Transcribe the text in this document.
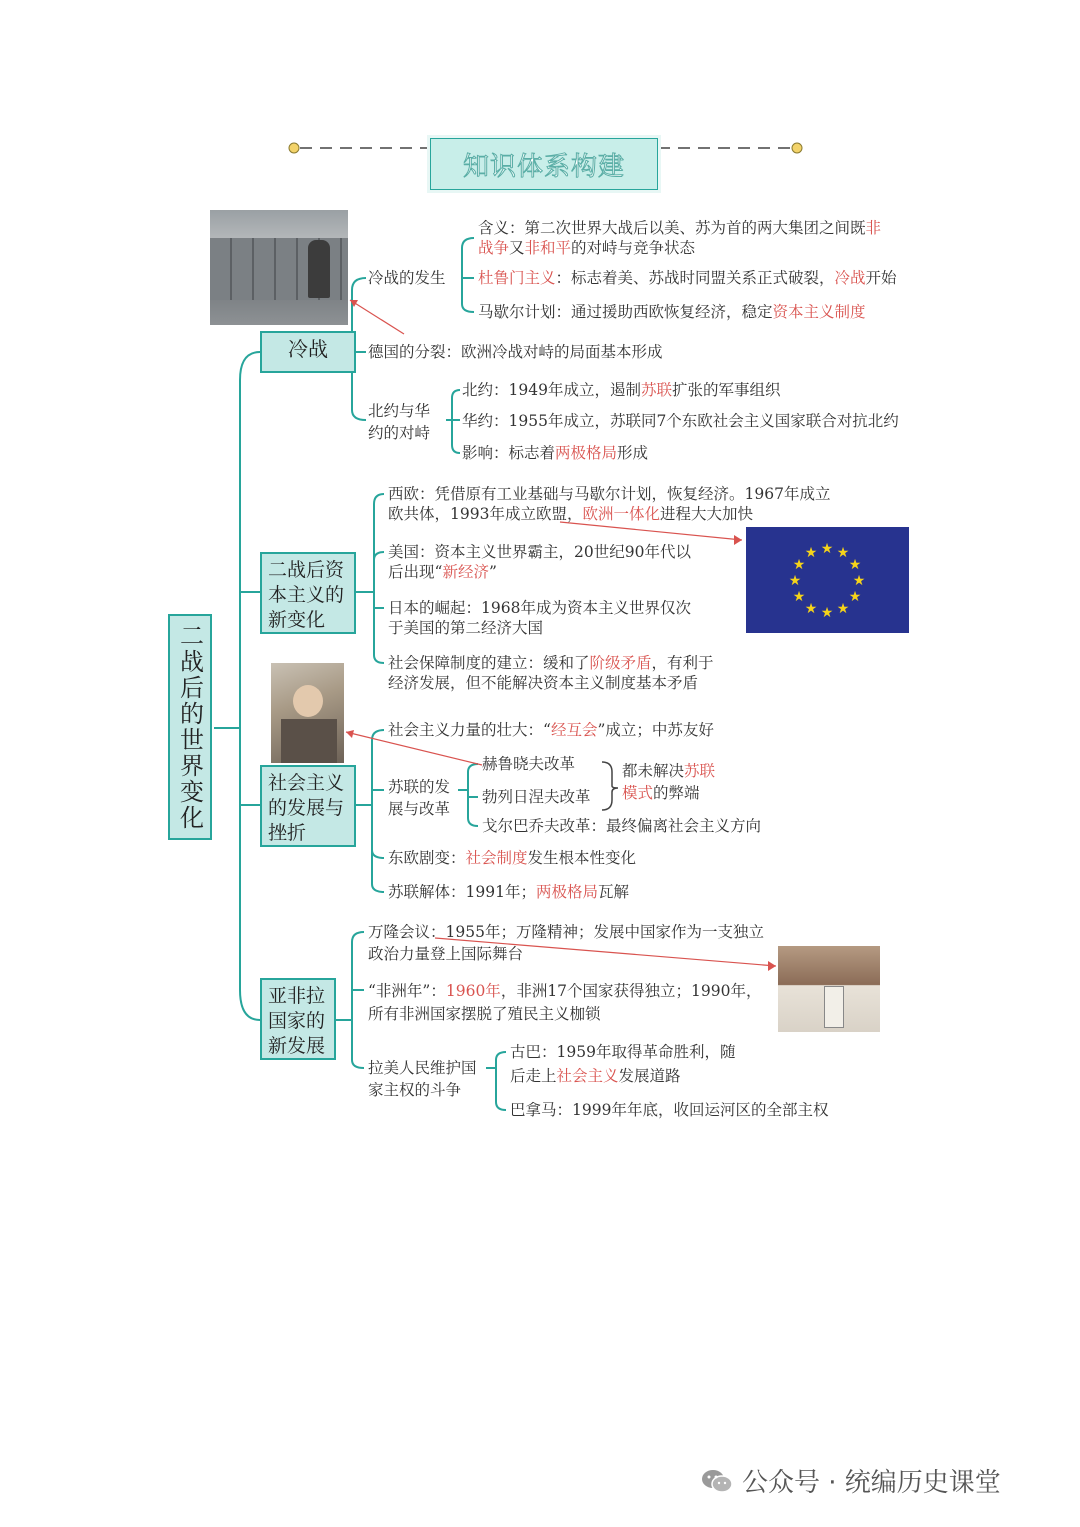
知识体系构建
二战后的世界变化
★ ★
★
★
★
★
★
★
★
★
★
★
冷战
二战后资
本主义的
新变化
社会主义
的发展与
挫折
亚非拉
国家的
新发展
冷战的发生
含义：第二次世界大战后以美、苏为首的两大集团之间既非
战争又非和平的对峙与竞争状态
杜鲁门主义：标志着美、苏战时同盟关系正式破裂，冷战开始
马歇尔计划：通过援助西欧恢复经济，稳定资本主义制度
德国的分裂：欧洲冷战对峙的局面基本形成
北约与华
约的对峙
北约：1949年成立，遏制苏联扩张的军事组织
华约：1955年成立，苏联同7个东欧社会主义国家联合对抗北约
影响：标志着两极格局形成
西欧：凭借原有工业基础与马歇尔计划，恢复经济。1967年成立
欧共体，1993年成立欧盟，欧洲一体化进程大大加快
美国：资本主义世界霸主，20世纪90年代以
后出现“新经济”
日本的崛起：1968年成为资本主义世界仅次
于美国的第二经济大国
社会保障制度的建立：缓和了阶级矛盾，有利于
经济发展，但不能解决资本主义制度基本矛盾
社会主义力量的壮大：“经互会”成立；中苏友好
苏联的发
展与改革
赫鲁晓夫改革
勃列日涅夫改革
都未解决苏联
模式的弊端
戈尔巴乔夫改革：最终偏离社会主义方向
东欧剧变：社会制度发生根本性变化
苏联解体：1991年；两极格局瓦解
万隆会议：1955年；万隆精神；发展中国家作为一支独立
政治力量登上国际舞台
“非洲年”：1960年，非洲17个国家获得独立；1990年，
所有非洲国家摆脱了殖民主义枷锁
拉美人民维护国
家主权的斗争
古巴：1959年取得革命胜利，随
后走上社会主义发展道路
巴拿马：1999年年底，收回运河区的全部主权
公众号 · 统编历史课堂
